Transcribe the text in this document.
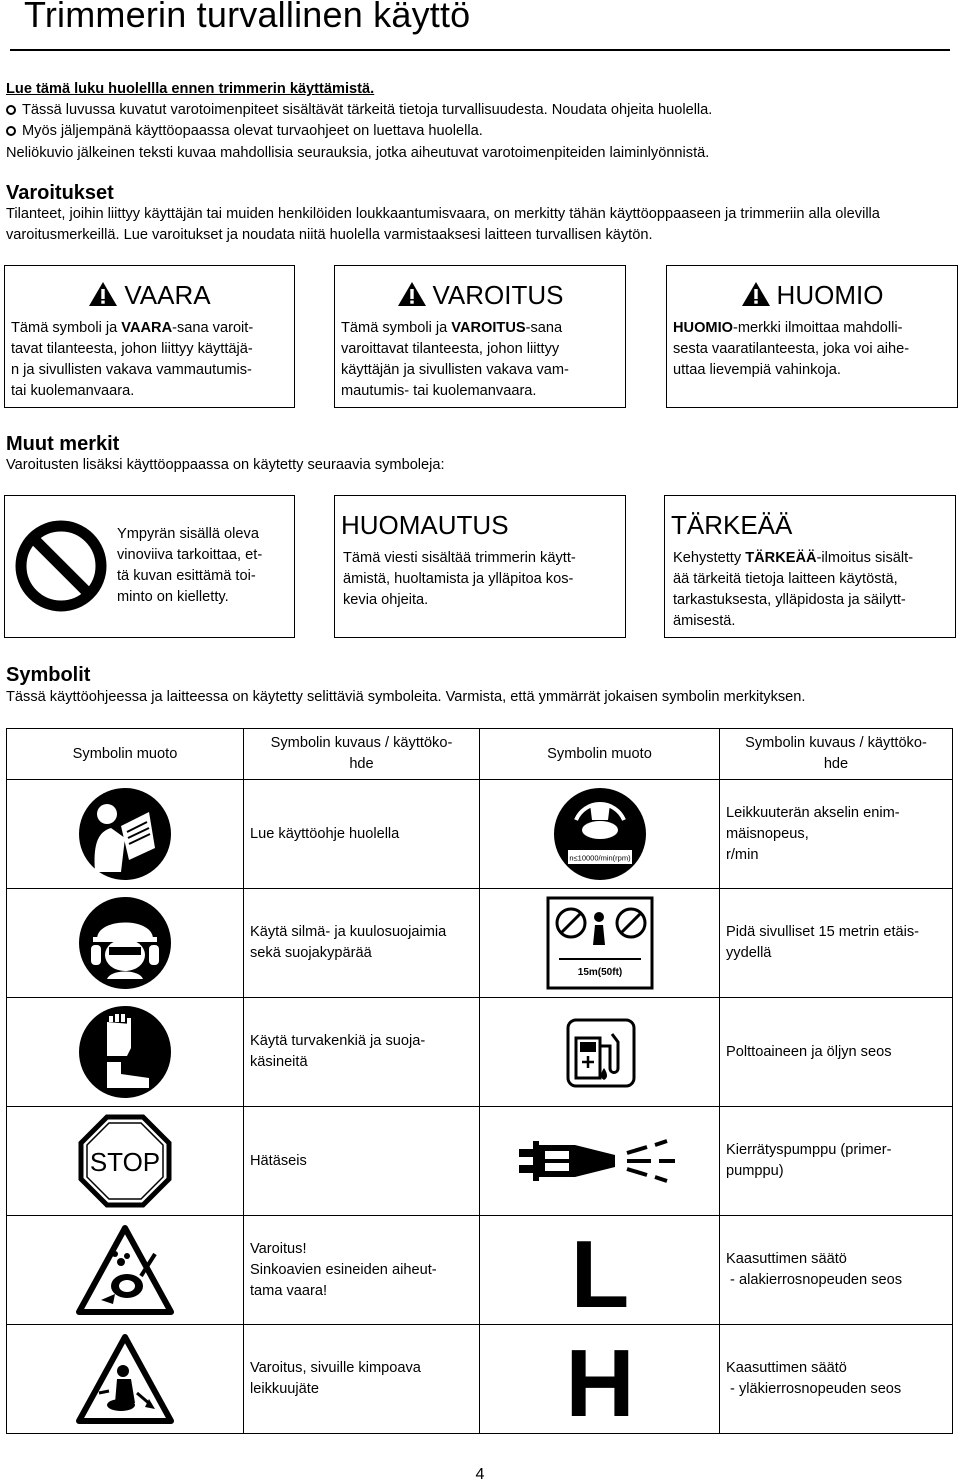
Trimmerin turvallinen käyttö
Lue tämä luku huolellla ennen trimmerin käyttämistä.
Tässä luvussa kuvatut varotoimenpiteet sisältävät tärkeitä tietoja turvallisuudesta. Noudata ohjeita huolella.
Myös jäljempänä käyttöopaassa olevat turvaohjeet on luettava huolella.
Neliökuvio jälkeinen teksti kuvaa mahdollisia seurauksia, jotka aiheutuvat varotoimenpiteiden laiminlyönnistä.
Varoitukset
Tilanteet, joihin liittyy käyttäjän tai muiden henkilöiden loukkaantumisvaara, on merkitty tähän käyttöoppaaseen ja trimmeriin alla olevilla varoitusmerkeillä. Lue varoitukset ja noudata niitä huolella varmistaaksesi laitteen turvallisen käytön.
VAARA
Tämä symboli ja VAARA-sana varoit-
tavat tilanteesta, johon liittyy käyttäjä-
n ja sivullisten vakava vammautumis-
tai kuolemanvaara.
VAROITUS
Tämä symboli ja VAROITUS-sana
varoittavat tilanteesta, johon liittyy
käyttäjän ja sivullisten vakava vam-
mautumis- tai kuolemanvaara.
HUOMIO
HUOMIO-merkki ilmoittaa mahdolli-
sesta vaaratilanteesta, joka voi aihe-
uttaa lievempiä vahinkoja.
Muut merkit
Varoitusten lisäksi käyttöoppaassa on käytetty seuraavia symboleja:
Ympyrän sisällä oleva
vinoviiva tarkoittaa, et-
tä kuvan esittämä toi-
minto on kielletty.
HUOMAUTUS
Tämä viesti sisältää trimmerin käytt-
ämistä, huoltamista ja ylläpitoa kos-
kevia ohjeita.
TÄRKEÄÄ
Kehystetty TÄRKEÄÄ-ilmoitus sisält-
ää tärkeitä tietoja laitteen käytöstä,
tarkastuksesta, ylläpidosta ja säilytt-
ämisestä.
Symbolit
Tässä käyttöohjeessa ja laitteessa on käytetty selittäviä symboleita. Varmista, että ymmärrät jokaisen symbolin merkityksen.
Symbolin muoto	Symbolin kuvaus / käyttökо-
hde	Symbolin muoto	Symbolin kuvaus / käyttökо-
hde

	Lue käyttöohje huolella	n≤10000/min(rpm)	Leikkuuterän akselin enim-
mäisnopeus,
r/min

	Käytä silmä- ja kuulosuojaimia
sekä suojakypärää	15m(50ft)	Pidä sivulliset 15 metrin etäis-
yydellä

	Käytä turvakenkiä ja suoja-
käsineitä		Polttoaineen ja öljyn seos

STOP	Hätäseis		Kierrätyspumppu (primer-
pumppu)

	Varoitus!
Sinkoavien esineiden aiheut-
tama vaara!	L	Kaasuttimen säätö
- alakierrosnopeuden seos

	Varoitus, sivuille kimpoava
leikkuujäte	H	Kaasuttimen säätö
- yläkierrosnopeuden seos
4
